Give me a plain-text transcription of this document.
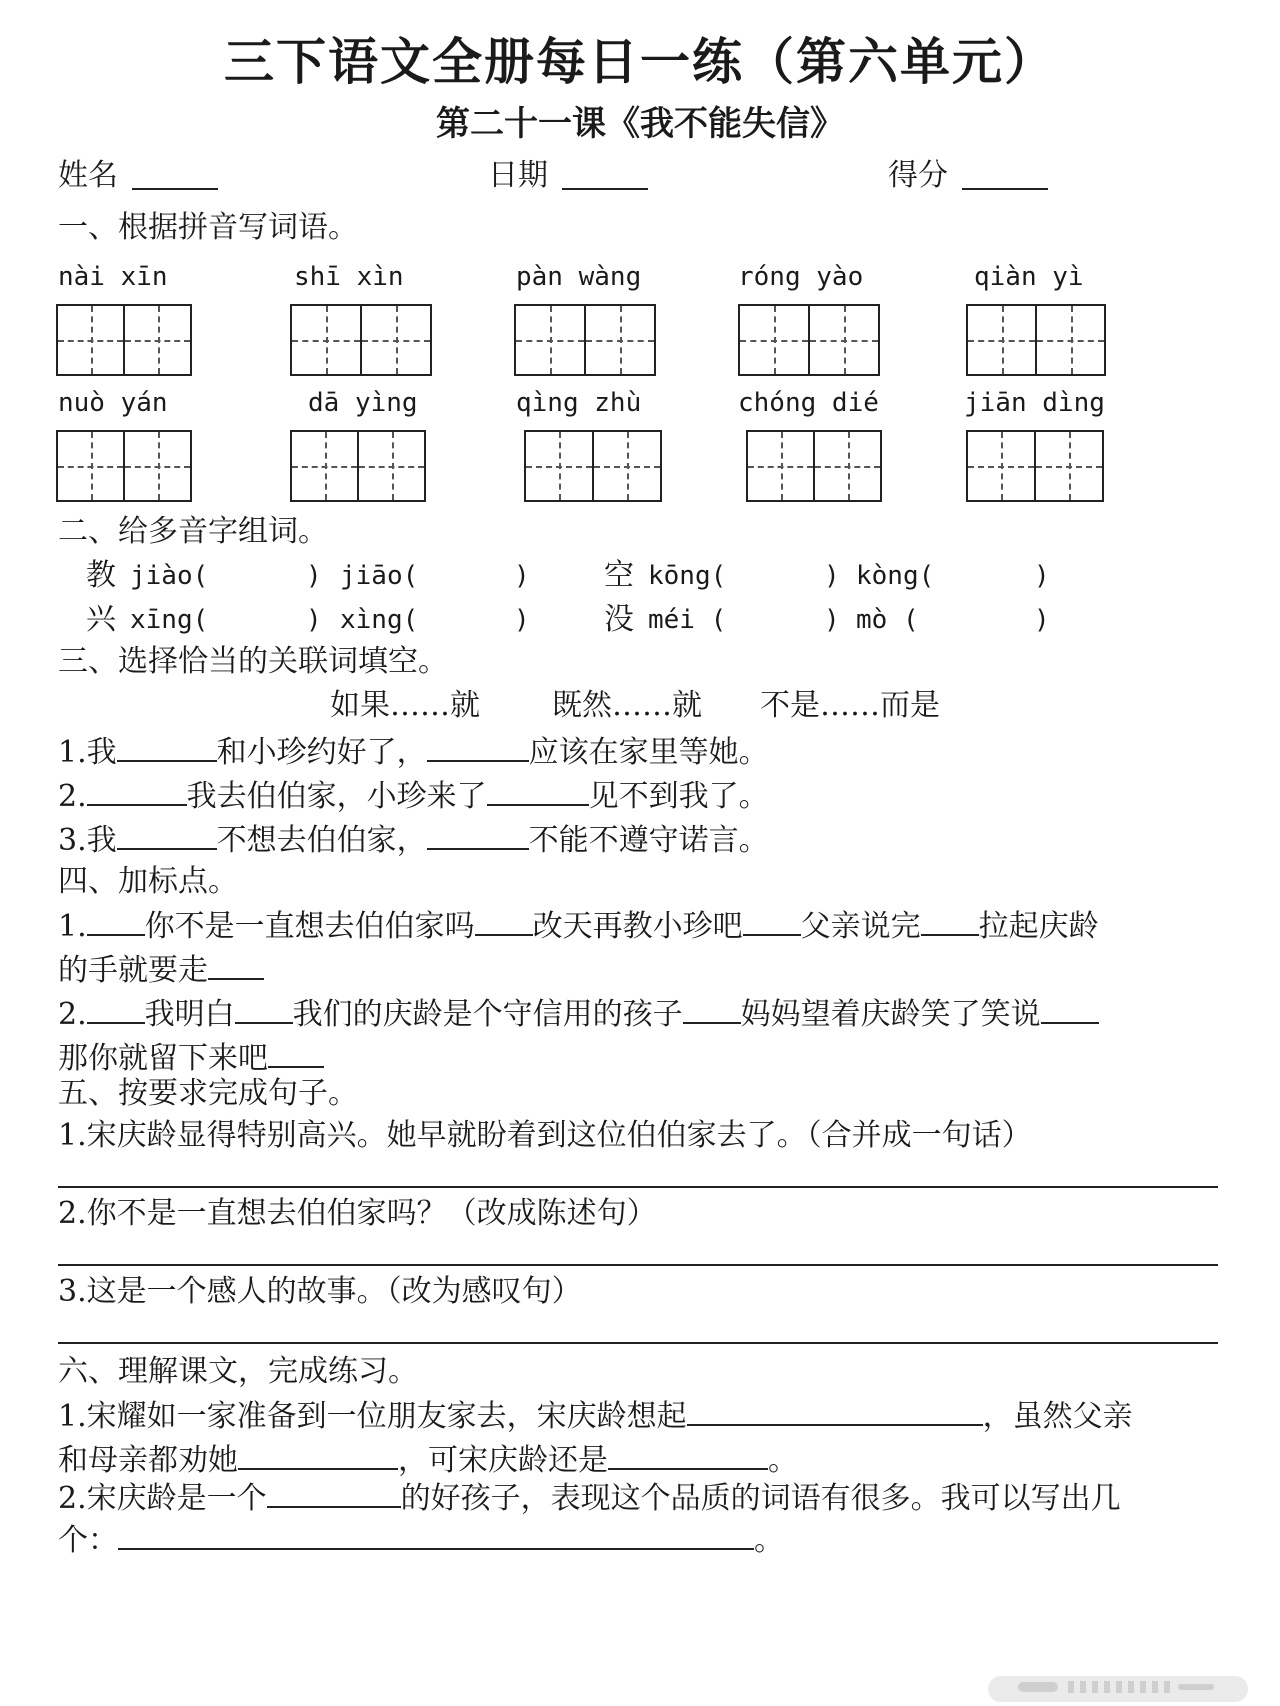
三下语文全册每日一练（第六单元）
第二十一课《我不能失信》
姓名	日期	得分
一、根据拼音写词语。
nài xīn	shī xìn	pàn wàng	róng yào	qiàn yì
nuò yán	dā yìng	qìng zhù	chóng dié	jiān dìng
二、给多音字组词。
教 jiào(	) jiāo(	) 空 kōng(	) kòng(	)
兴 xīng(	) xìng(	) 没 méi (	) mò (	)
三、选择恰当的关联词填空。
如果……就 既然……就 不是……而是
1.我	和小珍约好了，	应该在家里等她。
2.	我去伯伯家，小珍来了	见不到我了。
3.我	不想去伯伯家，	不能不遵守诺言。
四、加标点。
1. 你不是一直想去伯伯家吗 改天再教小珍吧 父亲说完 拉起庆龄
的手就要走
2. 我明白 我们的庆龄是个守信用的孩子 妈妈望着庆龄笑了笑说
那你就留下来吧
五、按要求完成句子。
1.宋庆龄显得特别高兴。她早就盼着到这位伯伯家去了。（合并成一句话）
2.你不是一直想去伯伯家吗？（改成陈述句）
3.这是一个感人的故事。（改为感叹句）
六、理解课文，完成练习。
1.宋耀如一家准备到一位朋友家去，宋庆龄想起	，虽然父亲
和母亲都劝她	，可宋庆龄还是	。
2.宋庆龄是一个	的好孩子，表现这个品质的词语有很多。我可以写出几
个：	。
